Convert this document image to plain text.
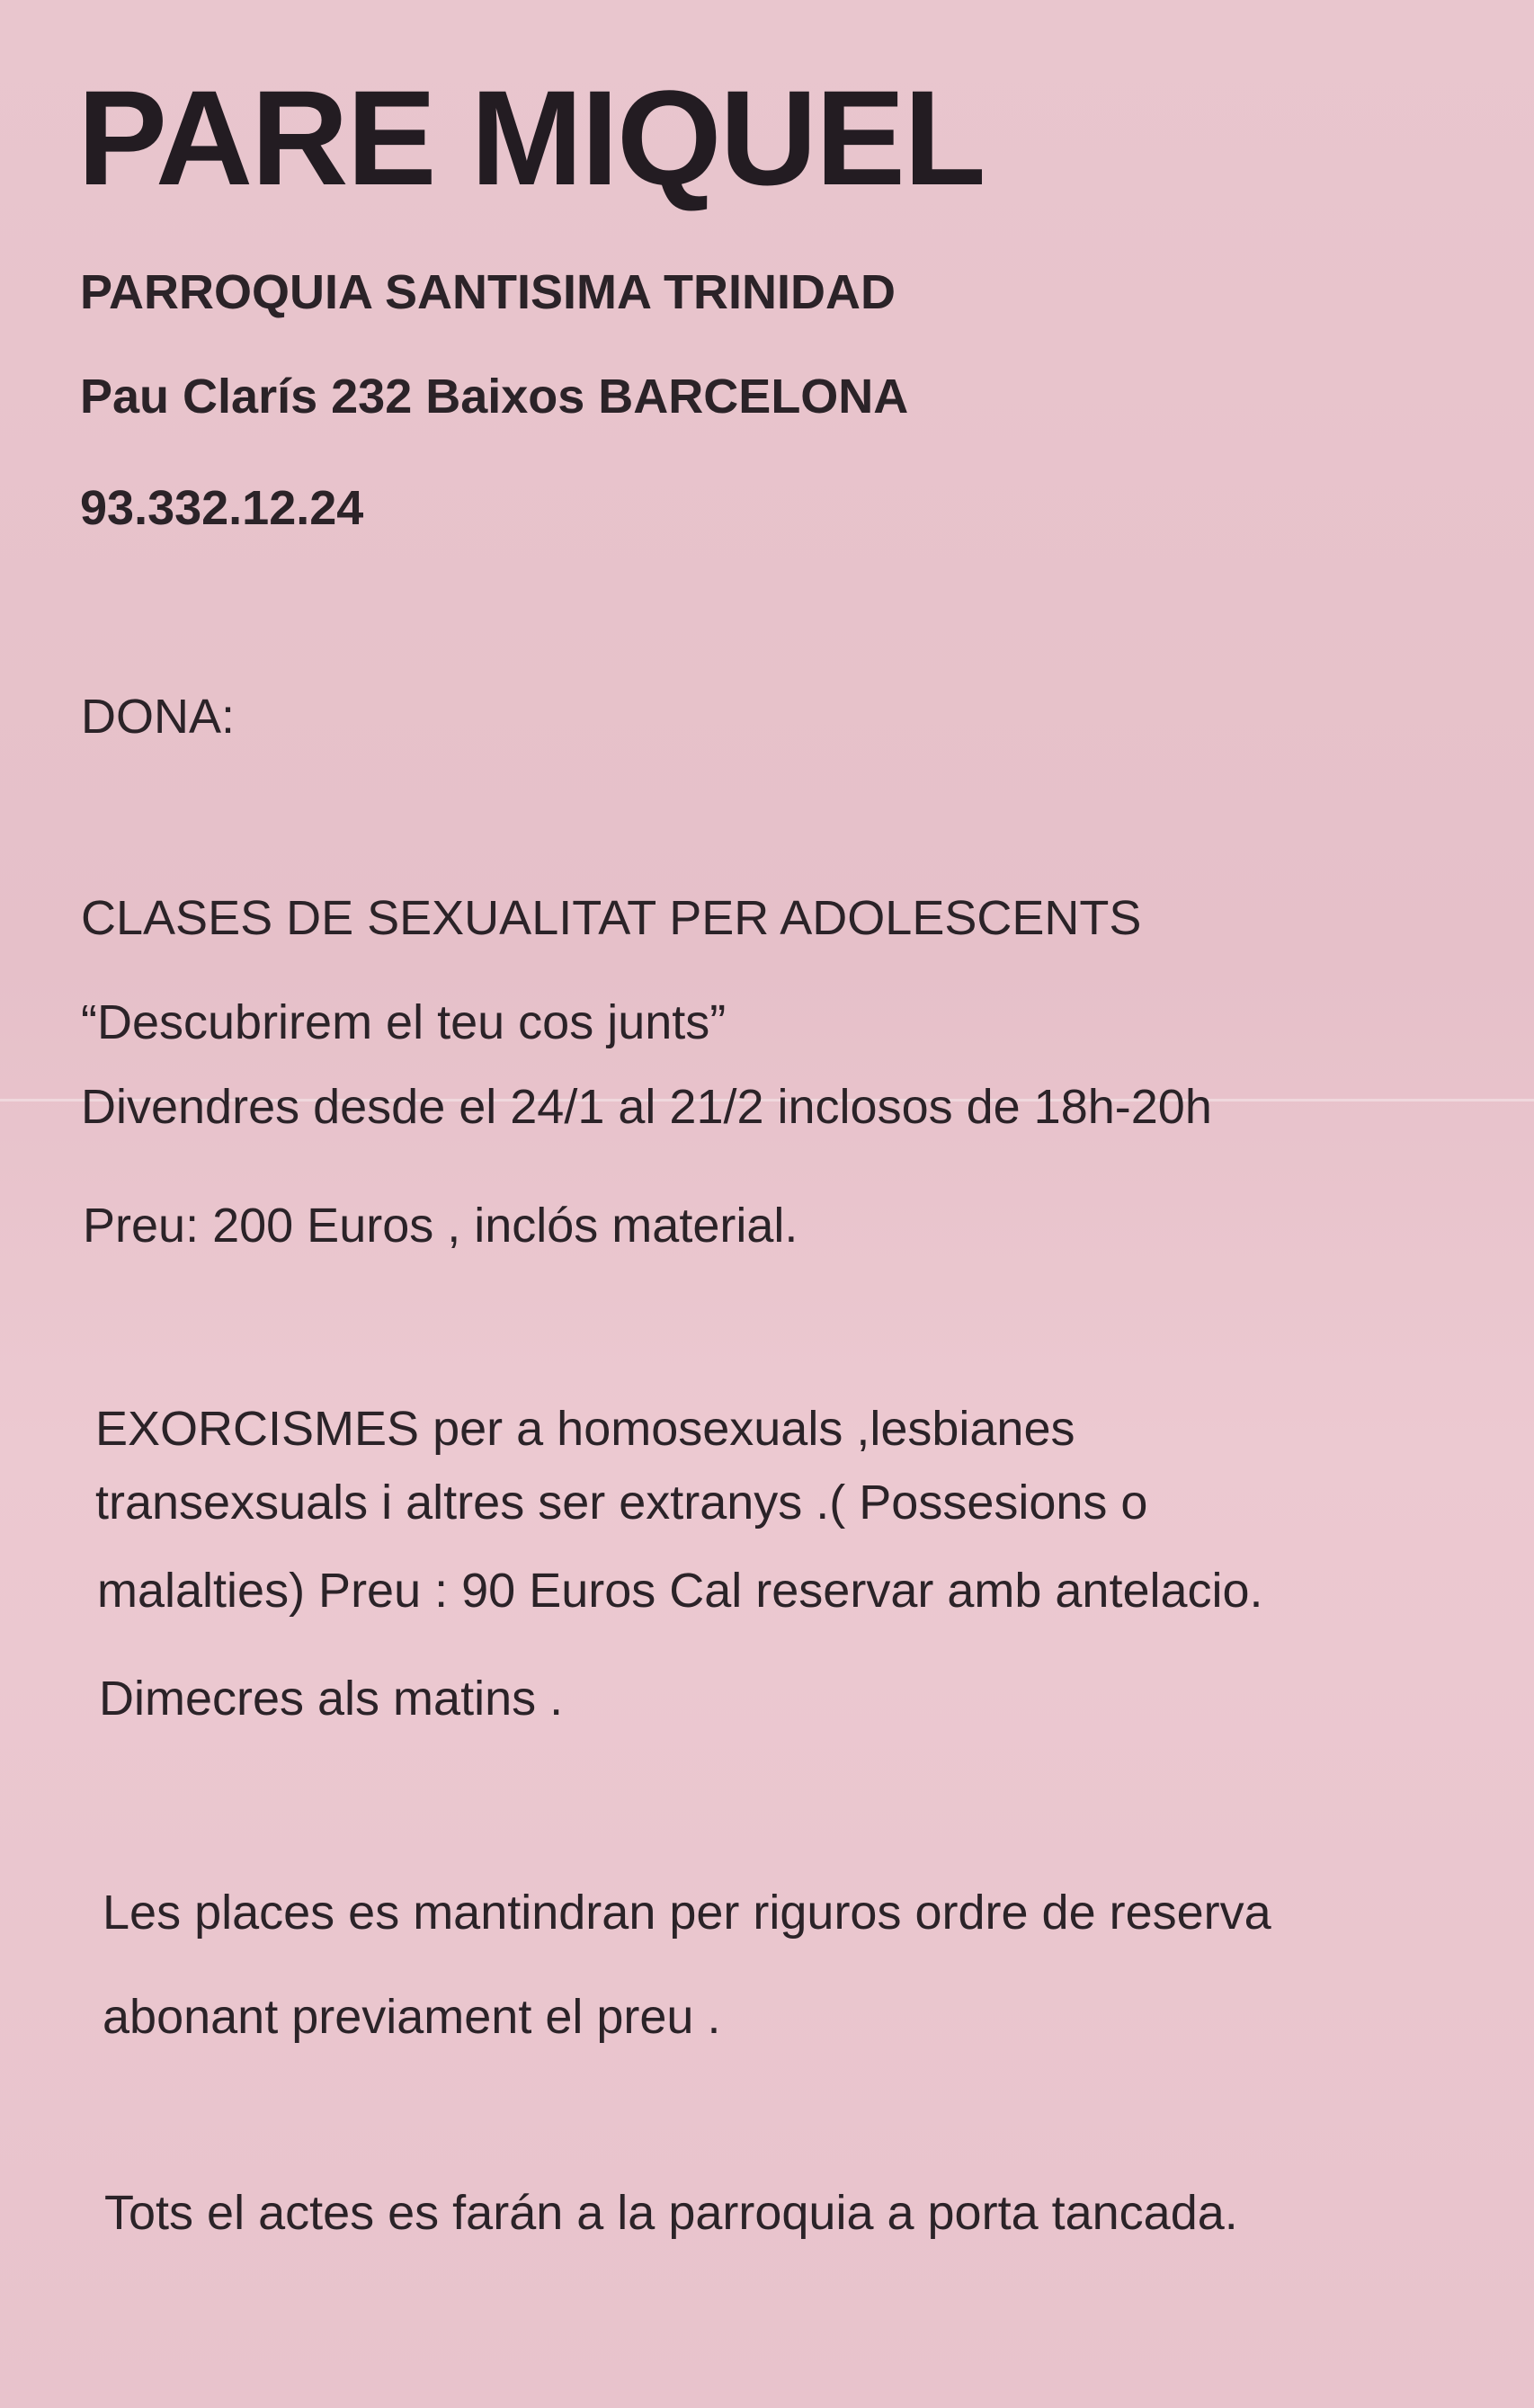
PARE MIQUEL
PARROQUIA SANTISIMA TRINIDAD
Pau Clarís 232 Baixos BARCELONA
93.332.12.24
DONA:
CLASES DE SEXUALITAT PER ADOLESCENTS
“Descubrirem el teu cos junts”
Divendres desde el 24/1 al 21/2 inclosos de 18h-20h
Preu: 200 Euros , inclós material.
EXORCISMES per a homosexuals ,lesbianes
transexsuals i altres ser extranys .( Possesions o
malalties) Preu : 90 Euros Cal reservar amb antelacio.
Dimecres als matins .
Les places es mantindran per riguros ordre de reserva
abonant previament el preu .
Tots el actes es farán a la parroquia a porta tancada.
